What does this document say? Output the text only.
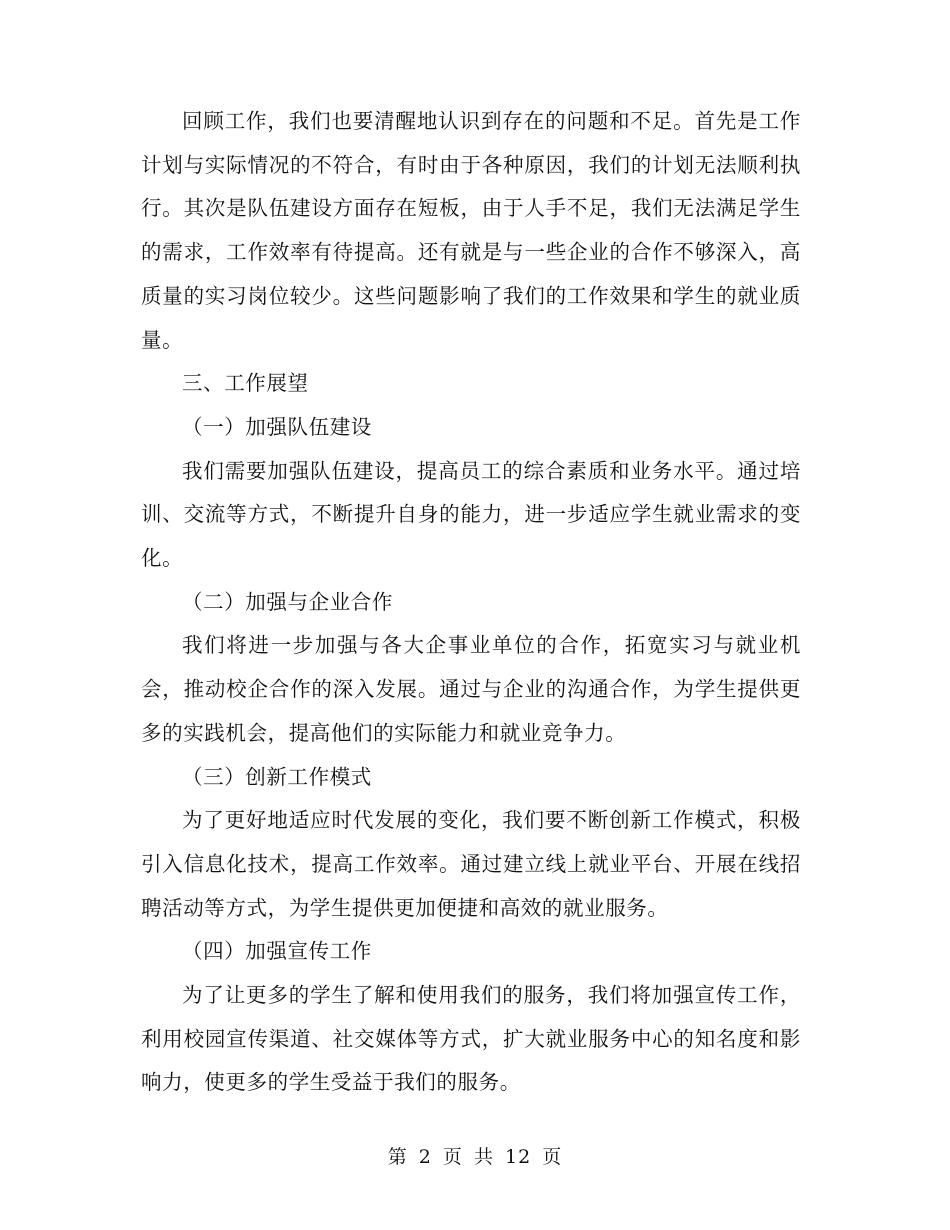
回顾工作，我们也要清醒地认识到存在的问题和不足。首先是工作计划与实际情况的不符合，有时由于各种原因，我们的计划无法顺利执行。其次是队伍建设方面存在短板，由于人手不足，我们无法满足学生的需求，工作效率有待提高。还有就是与一些企业的合作不够深入，高质量的实习岗位较少。这些问题影响了我们的工作效果和学生的就业质量。

三、工作展望

（一）加强队伍建设

我们需要加强队伍建设，提高员工的综合素质和业务水平。通过培训、交流等方式，不断提升自身的能力，进一步适应学生就业需求的变化。

（二）加强与企业合作

我们将进一步加强与各大企事业单位的合作，拓宽实习与就业机会，推动校企合作的深入发展。通过与企业的沟通合作，为学生提供更多的实践机会，提高他们的实际能力和就业竞争力。

（三）创新工作模式

为了更好地适应时代发展的变化，我们要不断创新工作模式，积极引入信息化技术，提高工作效率。通过建立线上就业平台、开展在线招聘活动等方式，为学生提供更加便捷和高效的就业服务。

（四）加强宣传工作

为了让更多的学生了解和使用我们的服务，我们将加强宣传工作，利用校园宣传渠道、社交媒体等方式，扩大就业服务中心的知名度和影响力，使更多的学生受益于我们的服务。

第 2 页 共 12 页
